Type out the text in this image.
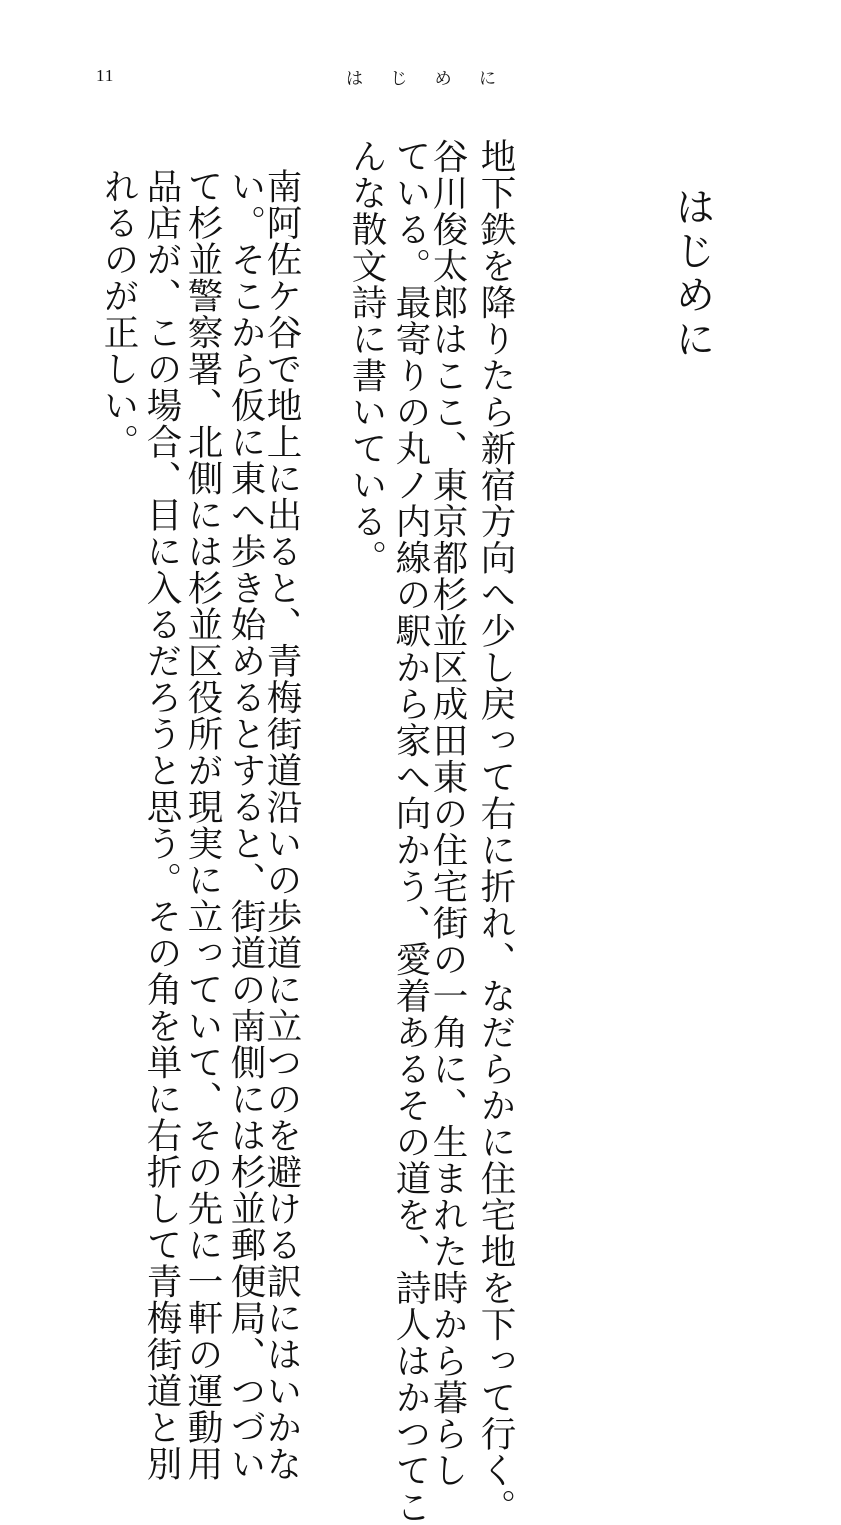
11	は じ め に
はじめに
地下鉄を降りたら新宿方向へ少し戻って右に折れ、なだらかに住宅地を下って行く。
谷川俊太郎はここ、東京都杉並区成田東の住宅街の一角に、生まれた時から暮らし
ている。最寄りの丸ノ内線の駅から家へ向かう、愛着あるその道を、詩人はかつてこ
んな散文詩に書いている。
南阿佐ケ谷で地上に出ると、青梅街道沿いの歩道に立つのを避ける訳にはいかな
い。そこから仮に東へ歩き始めるとすると、街道の南側には杉並郵便局、つづい
て杉並警察署、北側には杉並区役所が現実に立っていて、その先に一軒の運動用
品店が、この場合、目に入るだろうと思う。その角を単に右折して青梅街道と別
れるのが正しい。
